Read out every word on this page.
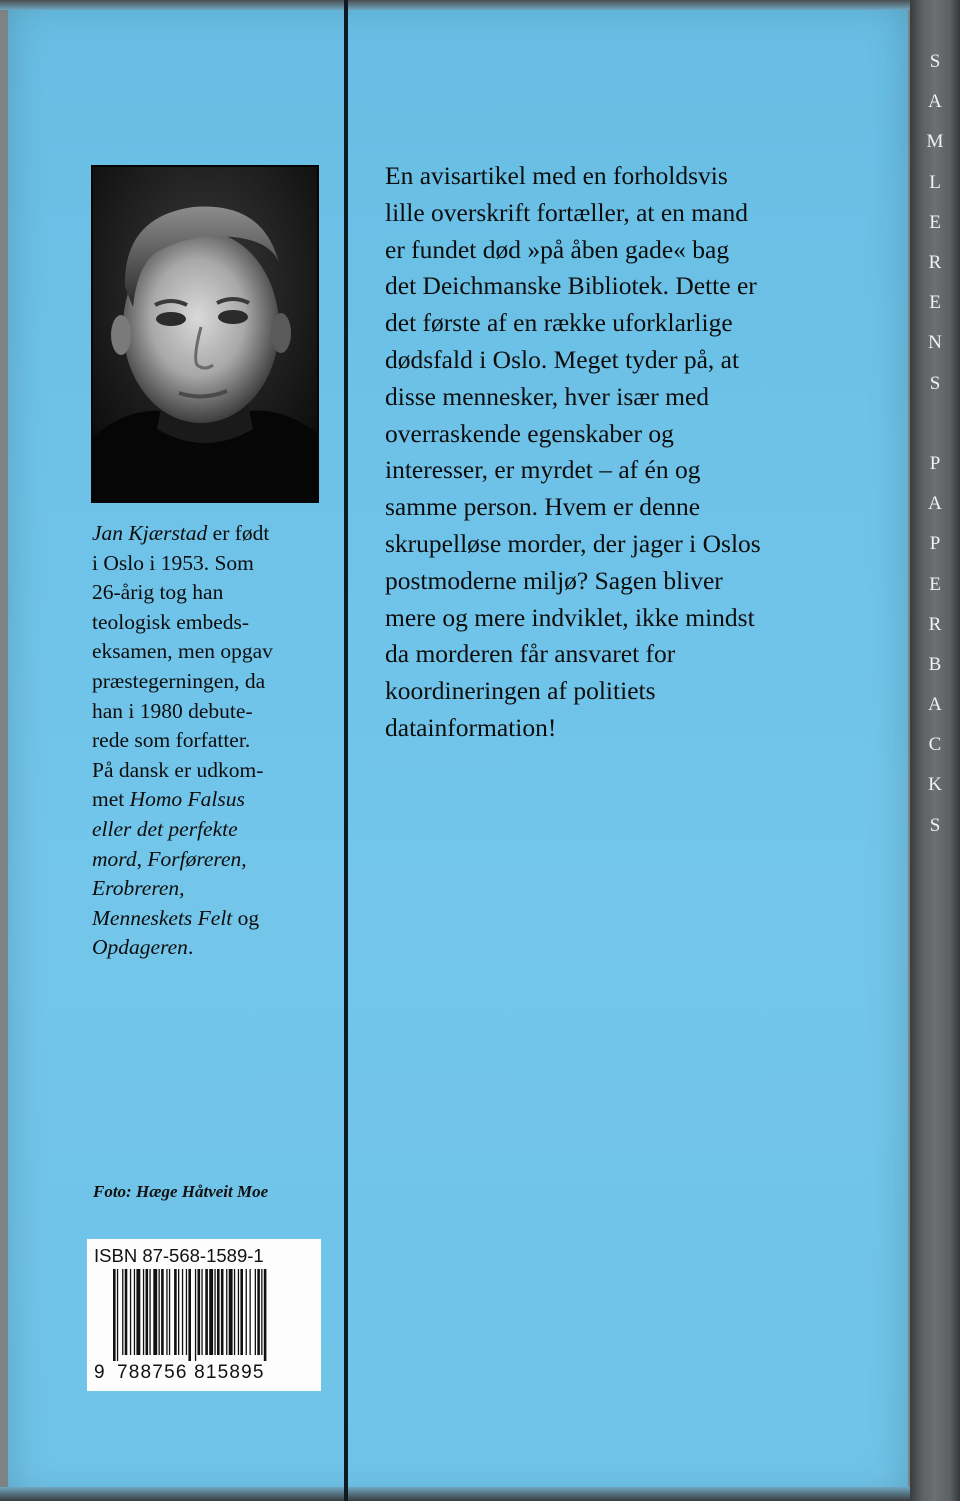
S
A
M
L
E
R
E
N
S
P
A
P
E
R
B
A
C
K
S
Jan Kjærstad er født
i Oslo i 1953. Som
26-årig tog han
teologisk embeds-
eksamen, men opgav
præstegerningen, da
han i 1980 debute-
rede som forfatter.
På dansk er udkom-
met Homo Falsus
eller det perfekte
mord, Forføreren,
Erobreren,
Menneskets Felt og
Opdageren.
Foto: Hæge Håtveit Moe
ISBN 87-568-1589-1
9 788756 815895
En avisartikel med en forholdsvis
lille overskrift fortæller, at en mand
er fundet død »på åben gade« bag
det Deichmanske Bibliotek. Dette er
det første af en række uforklarlige
dødsfald i Oslo. Meget tyder på, at
disse mennesker, hver især med
overraskende egenskaber og
interesser, er myrdet – af én og
samme person. Hvem er denne
skrupelløse morder, der jager i Oslos
postmoderne miljø? Sagen bliver
mere og mere indviklet, ikke mindst
da morderen får ansvaret for
koordineringen af politiets
datainformation!
